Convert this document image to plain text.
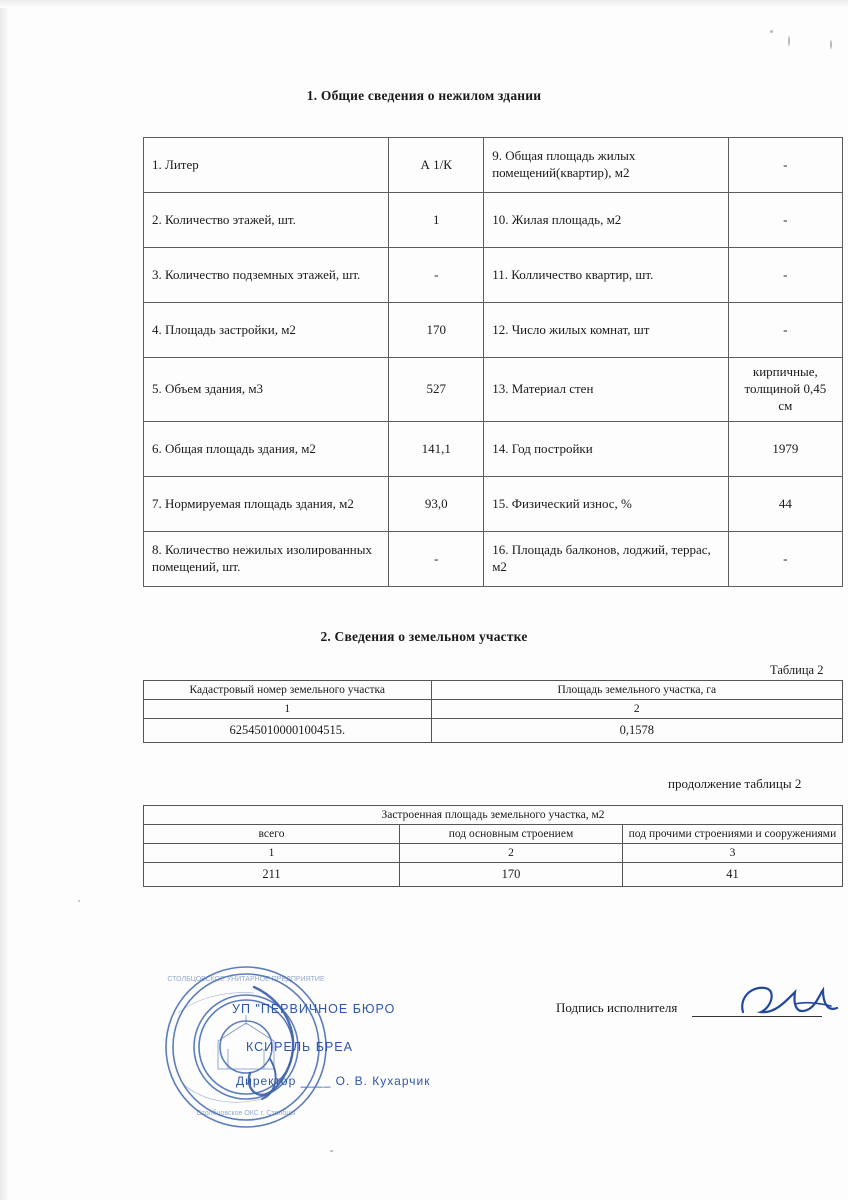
1. Общие сведения о нежилом здании
1. Литер	А 1/К	9. Общая площадь жилых помещений(квартир), м2	-
2. Количество этажей, шт.	1	10. Жилая площадь, м2	-
3. Количество подземных этажей, шт.	-	11. Колличество квартир, шт.	-
4. Площадь застройки, м2	170	12. Число жилых комнат, шт	-
5. Объем здания, м3	527	13. Материал стен	кирпичные, толщиной 0,45 см
6. Общая площадь здания, м2	141,1	14. Год постройки	1979
7. Нормируемая площадь здания, м2	93,0	15. Физический износ, %	44
8. Количество нежилых изолированных помещений, шт.	-	16. Площадь балконов, лоджий, террас, м2	-
2. Сведения о земельном участке
Таблица 2
Кадастровый номер земельного участка	Площадь земельного участка, га
1	2
625450100001004515.	0,1578
продолжение таблицы 2
Застроенная площадь земельного участка, м2		
всего	под основным строением	под прочими строениями и сооружениями
1	2	3
211	170	41
Подпись исполнителя
СТОЛБЦОВСКОЕ УНИТАРНОЕ ПРЕДПРИЯТИЕ
Столбцовское ОКС г. Столбцы
УП "ПЕРВИЧНОЕ БЮРО
КСИРЕЛЬ БРЕА
Директор ____ О. В. Кухарчик
